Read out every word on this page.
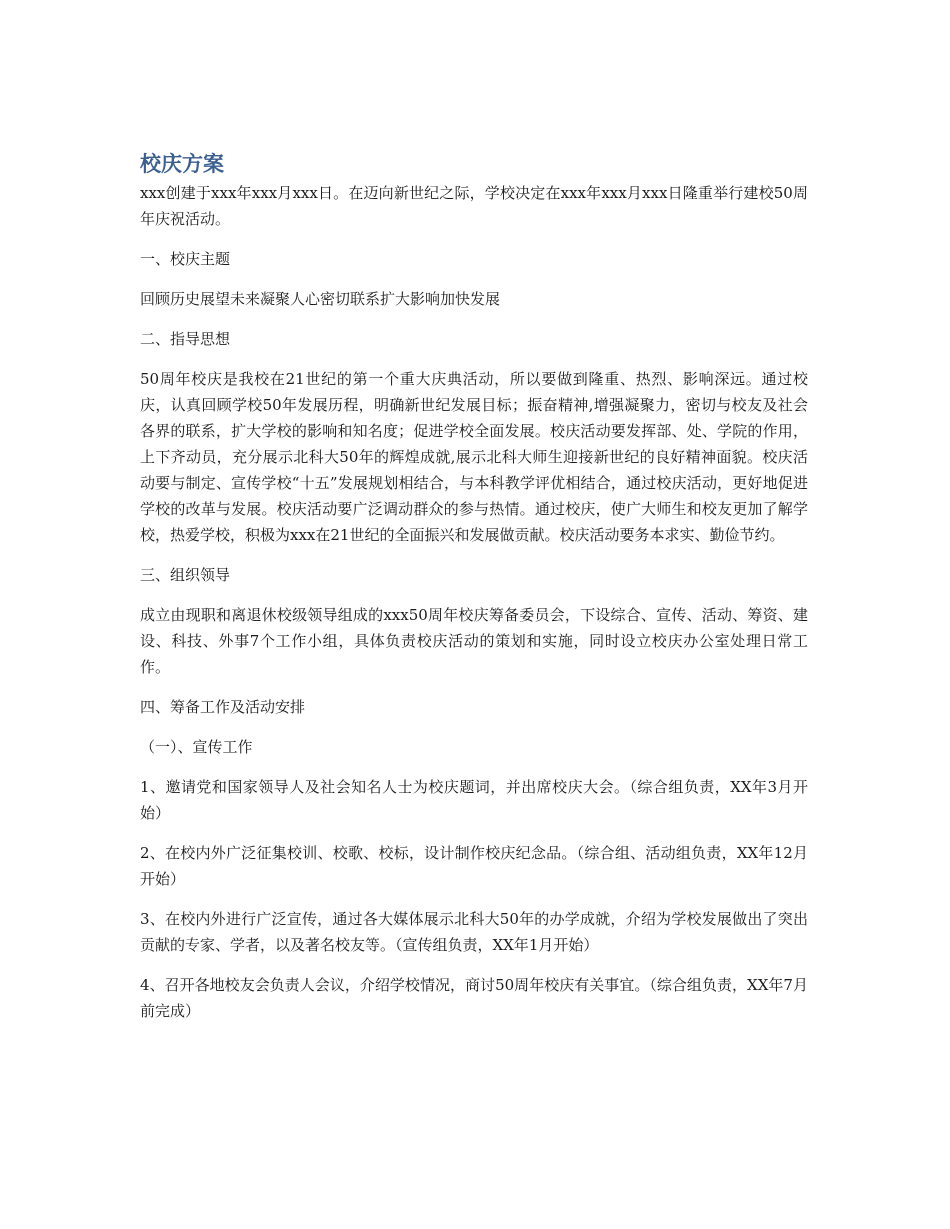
校庆方案

xxx创建于xxx年xxx月xxx日。在迈向新世纪之际，学校决定在xxx年xxx月xxx日隆重举行建校50周年庆祝活动。

一、校庆主题

回顾历史展望未来凝聚人心密切联系扩大影响加快发展

二、指导思想

50周年校庆是我校在21世纪的第一个重大庆典活动，所以要做到隆重、热烈、影响深远。通过校庆，认真回顾学校50年发展历程，明确新世纪发展目标；振奋精神,增强凝聚力，密切与校友及社会各界的联系，扩大学校的影响和知名度；促进学校全面发展。校庆活动要发挥部、处、学院的作用，上下齐动员，充分展示北科大50年的辉煌成就,展示北科大师生迎接新世纪的良好精神面貌。校庆活动要与制定、宣传学校“十五”发展规划相结合，与本科教学评优相结合，通过校庆活动，更好地促进学校的改革与发展。校庆活动要广泛调动群众的参与热情。通过校庆，使广大师生和校友更加了解学校，热爱学校，积极为xxx在21世纪的全面振兴和发展做贡献。校庆活动要务本求实、勤俭节约。

三、组织领导

成立由现职和离退休校级领导组成的xxx50周年校庆筹备委员会，下设综合、宣传、活动、筹资、建设、科技、外事7个工作小组，具体负责校庆活动的策划和实施，同时设立校庆办公室处理日常工作。

四、筹备工作及活动安排

（一）、宣传工作

1、邀请党和国家领导人及社会知名人士为校庆题词，并出席校庆大会。（综合组负责，XX年3月开始）

2、在校内外广泛征集校训、校歌、校标，设计制作校庆纪念品。（综合组、活动组负责，XX年12月开始）

3、在校内外进行广泛宣传，通过各大媒体展示北科大50年的办学成就，介绍为学校发展做出了突出贡献的专家、学者，以及著名校友等。（宣传组负责，XX年1月开始）

4、召开各地校友会负责人会议，介绍学校情况，商讨50周年校庆有关事宜。（综合组负责，XX年7月前完成）
